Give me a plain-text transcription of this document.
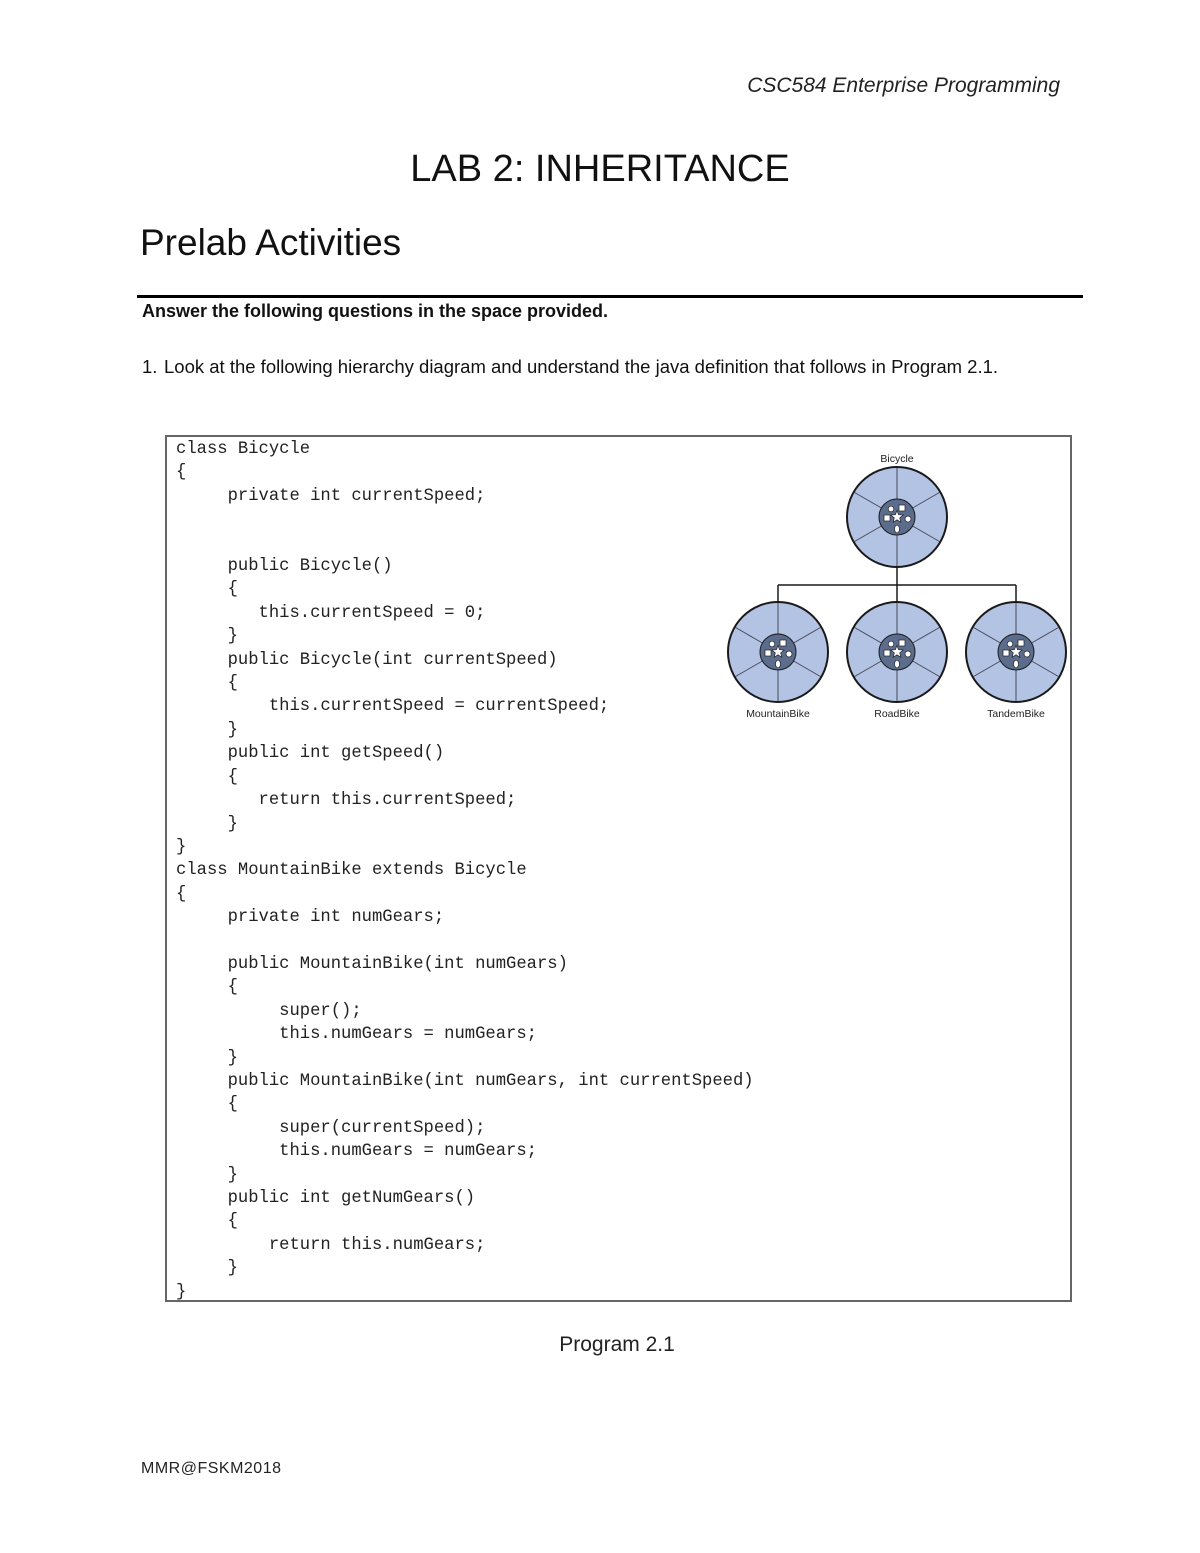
CSC584 Enterprise Programming
LAB 2: INHERITANCE
Prelab Activities
Answer the following questions in the space provided.
1. Look at the following hierarchy diagram and understand the java definition that follows in Program 2.1.
class Bicycle
{
private int currentSpeed;

public Bicycle()
{
this.currentSpeed = 0;
}
public Bicycle(int currentSpeed)
{
this.currentSpeed = currentSpeed;
}
public int getSpeed()
{
return this.currentSpeed;
}
}
class MountainBike extends Bicycle
{
private int numGears;

public MountainBike(int numGears)
{
super();
this.numGears = numGears;
}
public MountainBike(int numGears, int currentSpeed)
{
super(currentSpeed);
this.numGears = numGears;
}
public int getNumGears()
{
return this.numGears;
}
}

Bicycle
MountainBike	RoadBike	TandemBike
Program 2.1
MMR@FSKM2018
